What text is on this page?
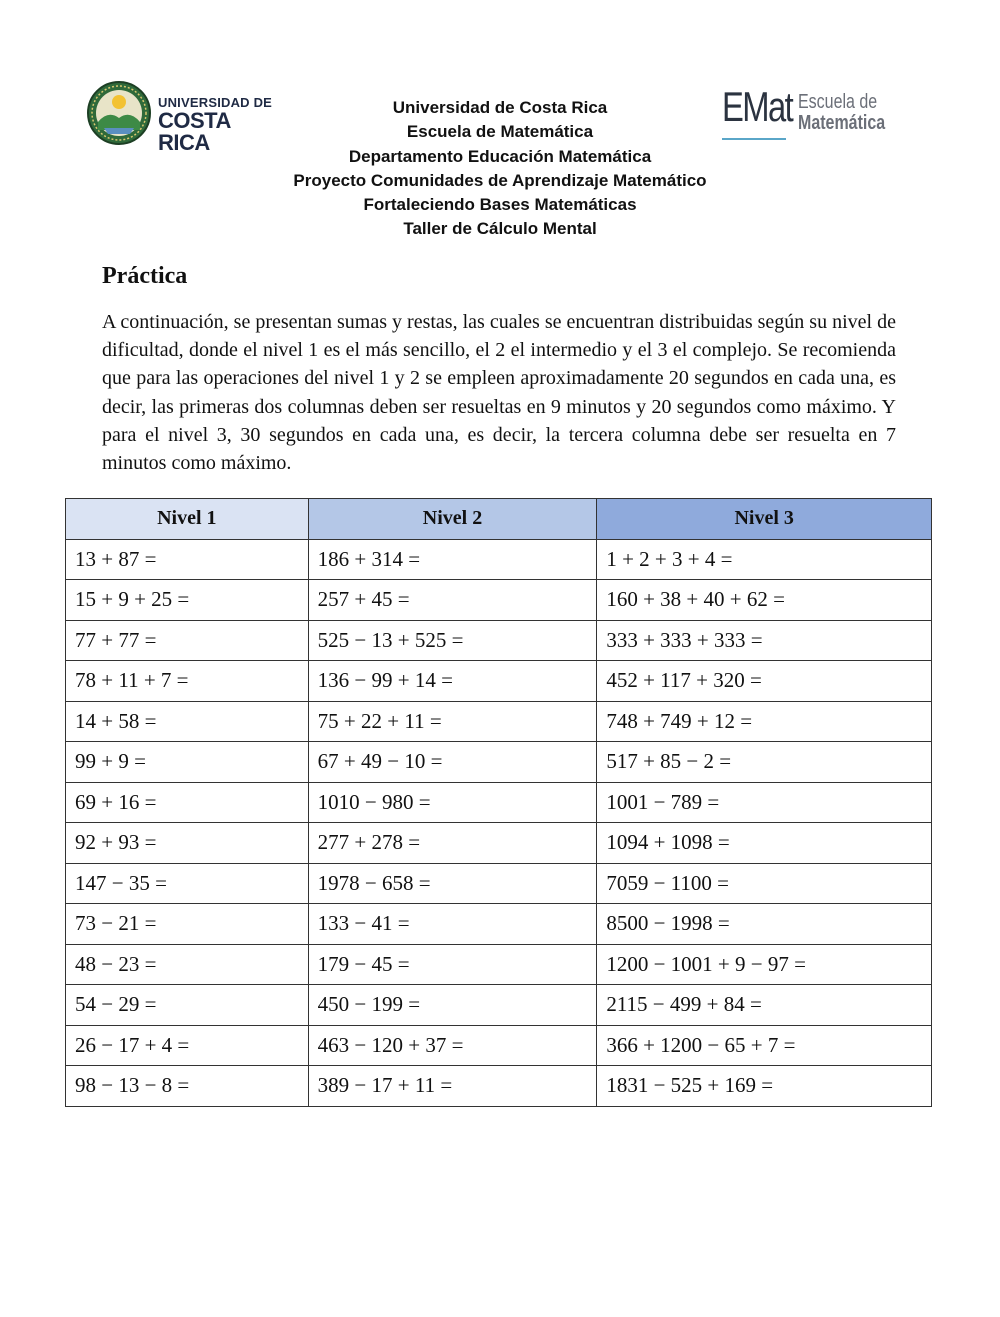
UNIVERSIDAD DE
COSTA RICA
Universidad de Costa Rica
Escuela de Matemática
Departamento Educación Matemática
Proyecto Comunidades de Aprendizaje Matemático
Fortaleciendo Bases Matemáticas
Taller de Cálculo Mental
EMat Escuela de
Matemática
Práctica

A continuación, se presentan sumas y restas, las cuales se encuentran distribuidas según su nivel de dificultad, donde el nivel 1 es el más sencillo, el 2 el intermedio y el 3 el complejo. Se recomienda que para las operaciones del nivel 1 y 2 se empleen aproximadamente 20 segundos en cada una, es decir, las primeras dos columnas deben ser resueltas en 9 minutos y 20 segundos como máximo. Y para el nivel 3, 30 segundos en cada una, es decir, la tercera columna debe ser resuelta en 7 minutos como máximo.

Nivel 1	Nivel 2	Nivel 3
13 + 87 =	186 + 314 =	1 + 2 + 3 + 4 =
15 + 9 + 25 =	257 + 45 =	160 + 38 + 40 + 62 =
77 + 77 =	525 − 13 + 525 =	333 + 333 + 333 =
78 + 11 + 7 =	136 − 99 + 14 =	452 + 117 + 320 =
14 + 58 =	75 + 22 + 11 =	748 + 749 + 12 =
99 + 9 =	67 + 49 − 10 =	517 + 85 − 2 =
69 + 16 =	1010 − 980 =	1001 − 789 =
92 + 93 =	277 + 278 =	1094 + 1098 =
147 − 35 =	1978 − 658 =	7059 − 1100 =
73 − 21 =	133 − 41 =	8500 − 1998 =
48 − 23 =	179 − 45 =	1200 − 1001 + 9 − 97 =
54 − 29 =	450 − 199 =	2115 − 499 + 84 =
26 − 17 + 4 =	463 − 120 + 37 =	366 + 1200 − 65 + 7 =
98 − 13 − 8 =	389 − 17 + 11 =	1831 − 525 + 169 =
